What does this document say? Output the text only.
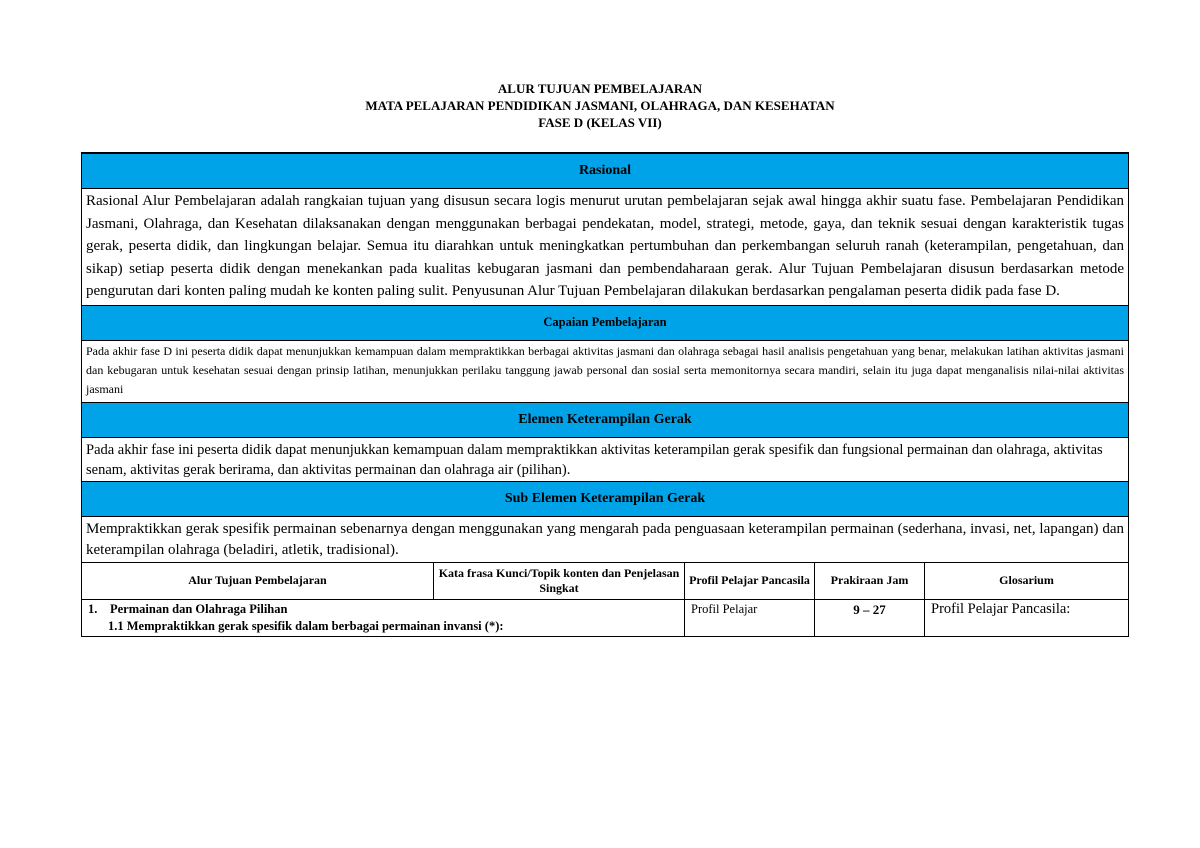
ALUR TUJUAN PEMBELAJARAN
MATA PELAJARAN PENDIDIKAN JASMANI, OLAHRAGA, DAN KESEHATAN
FASE D (KELAS VII)
Rasional				
Rasional Alur Pembelajaran adalah rangkaian tujuan yang disusun secara logis menurut urutan pembelajaran sejak awal hingga akhir suatu fase. Pembelajaran Pendidikan Jasmani, Olahraga, dan Kesehatan dilaksanakan dengan menggunakan berbagai pendekatan, model, strategi, metode, gaya, dan teknik sesuai dengan karakteristik tugas gerak, peserta didik, dan lingkungan belajar. Semua itu diarahkan untuk meningkatkan pertumbuhan dan perkembangan seluruh ranah (keterampilan, pengetahuan, dan sikap) setiap peserta didik dengan menekankan pada kualitas kebugaran jasmani dan pembendaharaan gerak. Alur Tujuan Pembelajaran disusun berdasarkan metode pengurutan dari konten paling mudah ke konten paling sulit. Penyusunan Alur Tujuan Pembelajaran dilakukan berdasarkan pengalaman peserta didik pada fase D.				
Capaian Pembelajaran				
Pada akhir fase D ini peserta didik dapat menunjukkan kemampuan dalam mempraktikkan berbagai aktivitas jasmani dan olahraga sebagai hasil analisis pengetahuan yang benar, melakukan latihan aktivitas jasmani dan kebugaran untuk kesehatan sesuai dengan prinsip latihan, menunjukkan perilaku tanggung jawab personal dan sosial serta memonitornya secara mandiri, selain itu juga dapat menganalisis nilai-nilai aktivitas jasmani				
Elemen Keterampilan Gerak				
Pada akhir fase ini peserta didik dapat menunjukkan kemampuan dalam mempraktikkan aktivitas keterampilan gerak spesifik dan fungsional permainan dan olahraga, aktivitas senam, aktivitas gerak berirama, dan aktivitas permainan dan olahraga air (pilihan).				
Sub Elemen Keterampilan Gerak				
Mempraktikkan gerak spesifik permainan sebenarnya dengan menggunakan yang mengarah pada penguasaan keterampilan permainan (sederhana, invasi, net, lapangan) dan keterampilan olahraga (beladiri, atletik, tradisional).				
Alur Tujuan Pembelajaran	Kata frasa Kunci/Topik konten dan Penjelasan Singkat	Profil Pelajar Pancasila	Prakiraan Jam	Glosarium

1. Permainan dan Olahraga Pilihan
1.1 Mempraktikkan gerak spesifik dalam berbagai permainan invansi (*):		Profil Pelajar	9 – 27	Profil Pelajar Pancasila:
